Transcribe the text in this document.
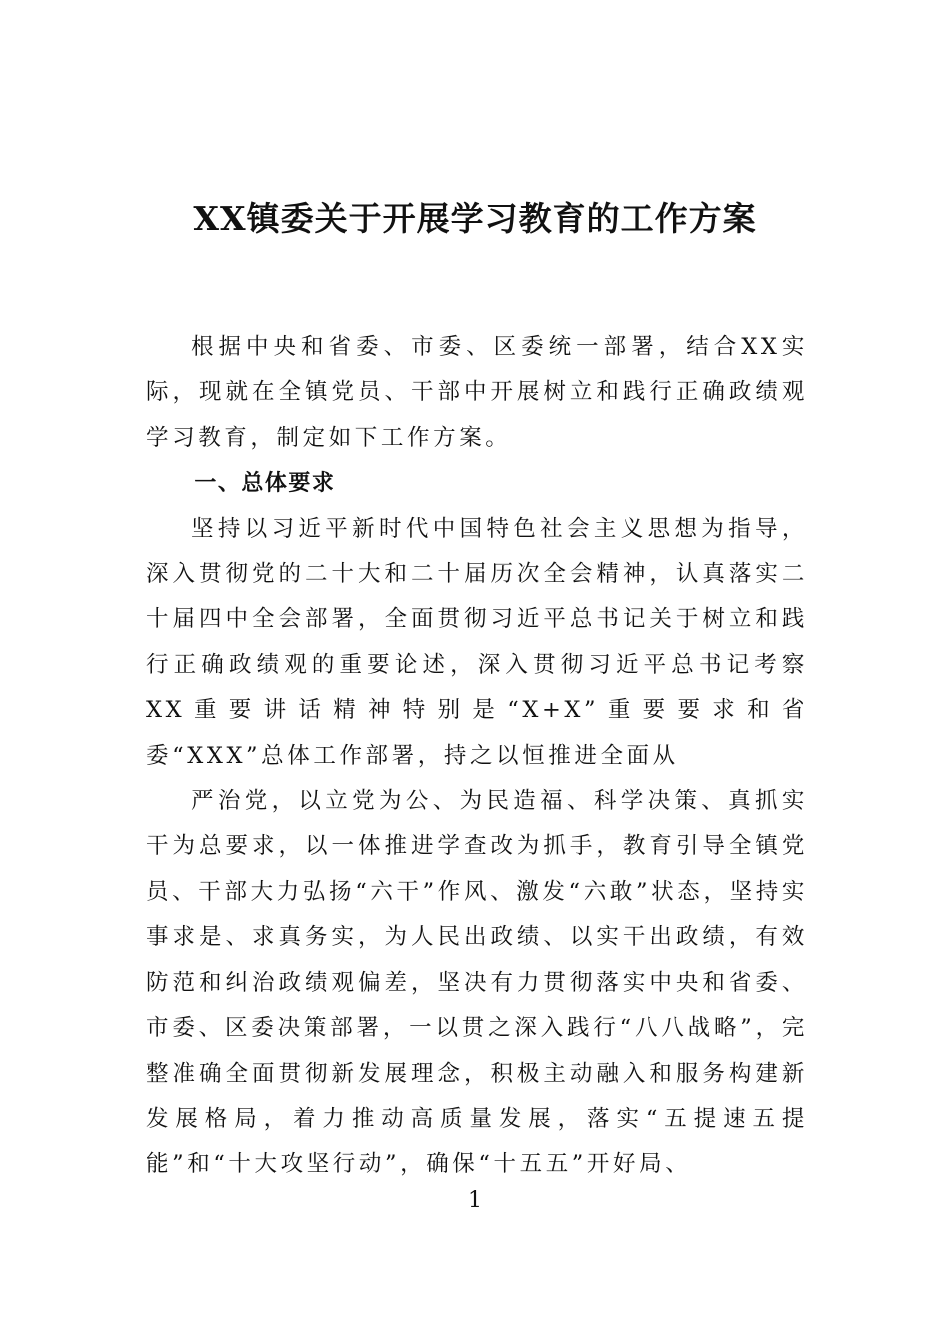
XX镇委关于开展学习教育的工作方案

根据中央和省委、市委、区委统一部署，结合XX实际，现就在全镇党员、干部中开展树立和践行正确政绩观学习教育，制定如下工作方案。

一、总体要求

坚持以习近平新时代中国特色社会主义思想为指导，深入贯彻党的二十大和二十届历次全会精神，认真落实二十届四中全会部署，全面贯彻习近平总书记关于树立和践行正确政绩观的重要论述，深入贯彻习近平总书记考察XX重要讲话精神特别是“X+X”重要要求和省委“XXX”总体工作部署，持之以恒推进全面从

严治党，以立党为公、为民造福、科学决策、真抓实干为总要求，以一体推进学查改为抓手，教育引导全镇党员、干部大力弘扬“六干”作风、激发“六敢”状态，坚持实事求是、求真务实，为人民出政绩、以实干出政绩，有效防范和纠治政绩观偏差，坚决有力贯彻落实中央和省委、市委、区委决策部署，一以贯之深入践行“八八战略”，完整准确全面贯彻新发展理念，积极主动融入和服务构建新发展格局，着力推动高质量发展，落实“五提速五提能”和“十大攻坚行动”，确保“十五五”开好局、

1
